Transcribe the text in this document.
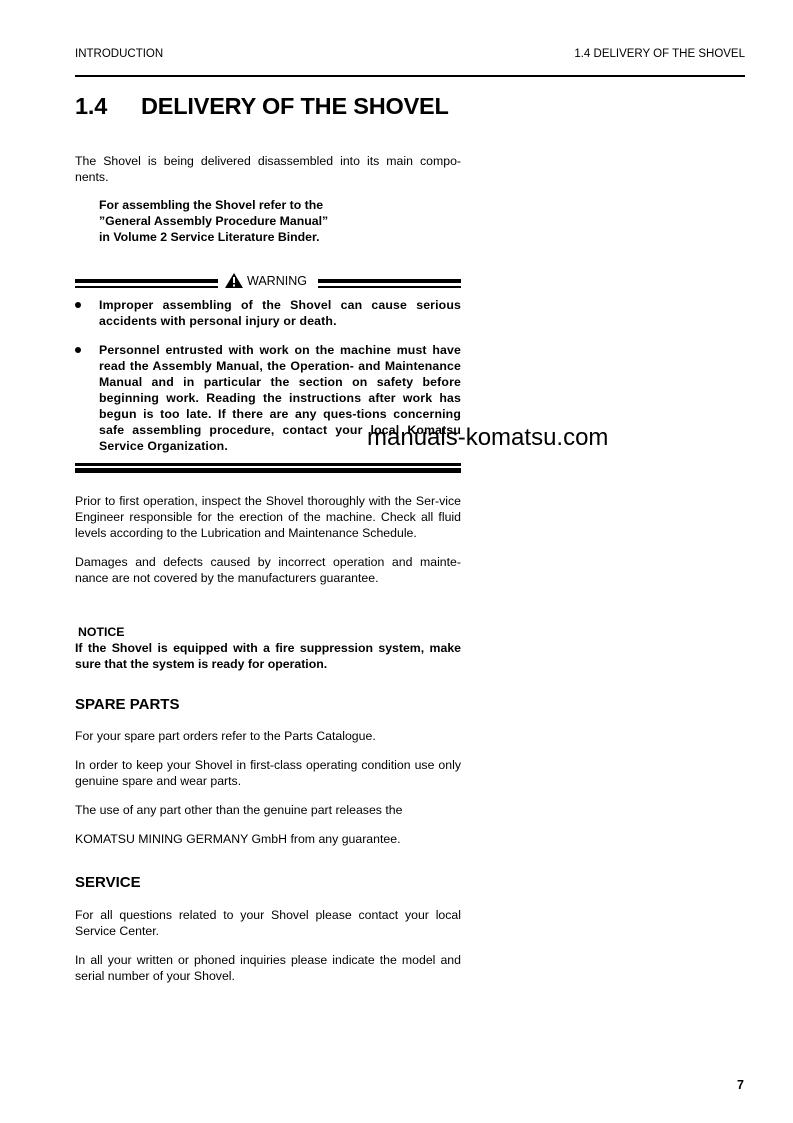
INTRODUCTION	1.4 DELIVERY OF THE SHOVEL
1.4 DELIVERY OF THE SHOVEL

The Shovel is being delivered disassembled into its main compo-nents.

For assembling the Shovel refer to the

”General Assembly Procedure Manual”

in Volume 2 Service Literature Binder.

WARNING
Improper assembling of the Shovel can cause serious accidents with personal injury or death.
Personnel entrusted with work on the machine must have read the Assembly Manual, the Operation- and Maintenance Manual and in particular the section on safety before beginning work. Reading the instructions after work has begun is too late. If there are any ques-tions concerning safe assembling procedure, contact your local Komatsu Service Organization.	manuals-komatsu.com

Prior to first operation, inspect the Shovel thoroughly with the Ser-vice Engineer responsible for the erection of the machine. Check all fluid levels according to the Lubrication and Maintenance Schedule.

Damages and defects caused by incorrect operation and mainte-nance are not covered by the manufacturers guarantee.

NOTICE

If the Shovel is equipped with a fire suppression system, make sure that the system is ready for operation.

SPARE PARTS

For your spare part orders refer to the Parts Catalogue.

In order to keep your Shovel in first-class operating condition use only genuine spare and wear parts.

The use of any part other than the genuine part releases the

KOMATSU MINING GERMANY GmbH from any guarantee.

SERVICE

For all questions related to your Shovel please contact your local Service Center.

In all your written or phoned inquiries please indicate the model and serial number of your Shovel.

7
